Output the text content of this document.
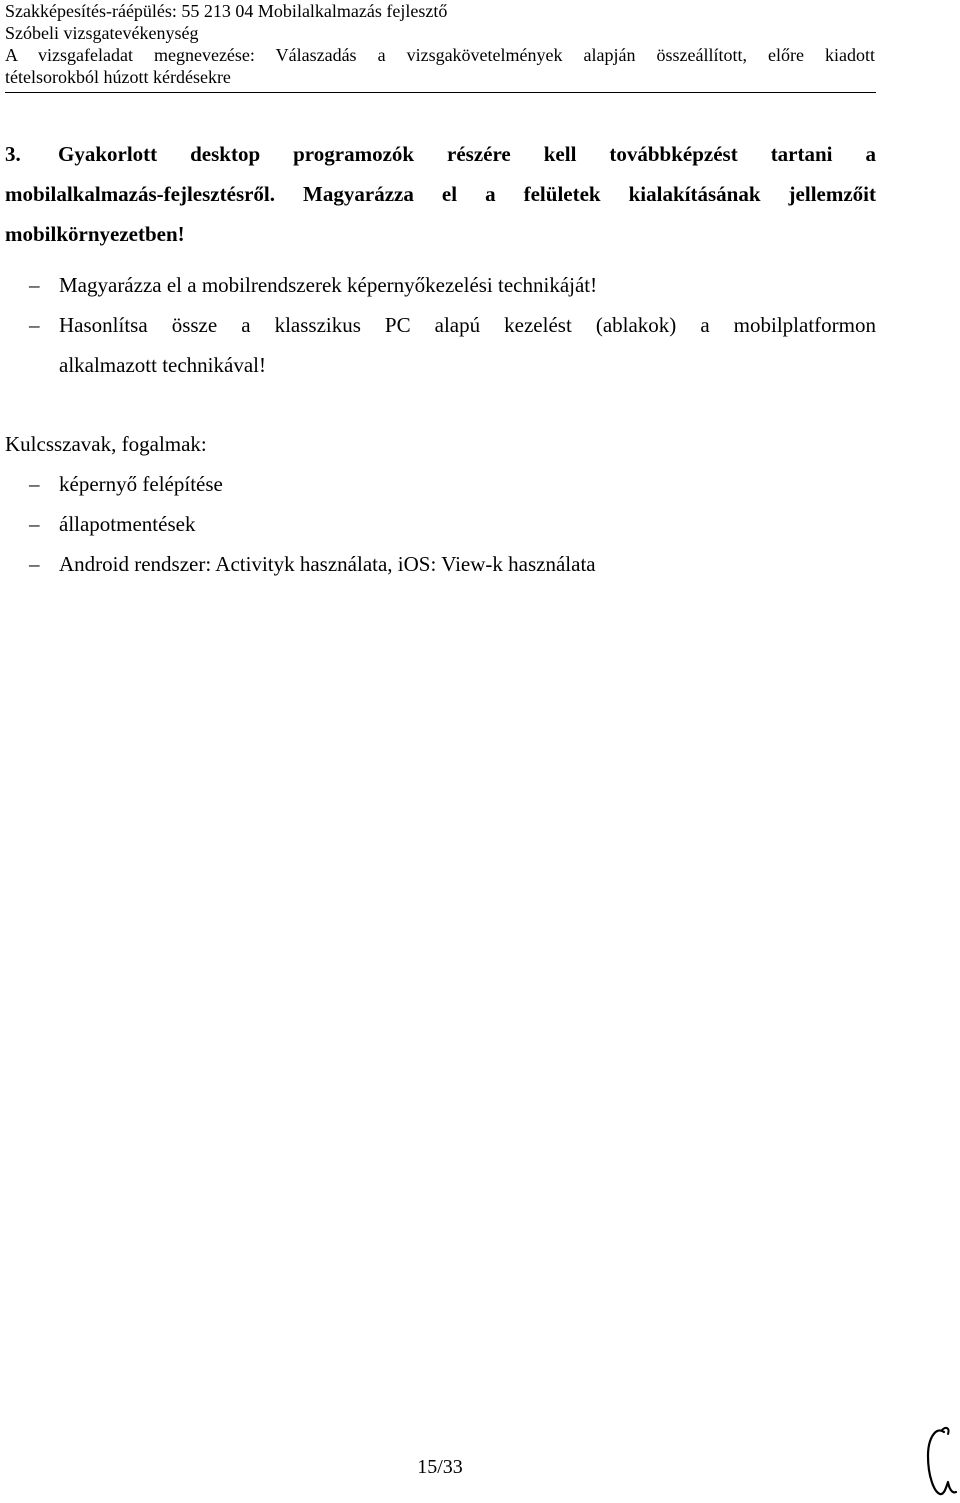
Szakképesítés-ráépülés: 55 213 04 Mobilalkalmazás fejlesztő
Szóbeli vizsgatevékenység
A vizsgafeladat megnevezése: Válaszadás a vizsgakövetelmények alapján összeállított, előre kiadott
tételsorokból húzott kérdésekre
3. Gyakorlott desktop programozók részére kell továbbképzést tartani a
mobilalkalmazás-fejlesztésről. Magyarázza el a felületek kialakításának jellemzőit
mobilkörnyezetben!
– Magyarázza el a mobilrendszerek képernyőkezelési technikáját!
– Hasonlítsa össze a klasszikus PC alapú kezelést (ablakok) a mobilplatformon
alkalmazott technikával!
Kulcsszavak, fogalmak:
– képernyő felépítése
– állapotmentések
– Android rendszer: Activityk használata, iOS: View-k használata
15/33
